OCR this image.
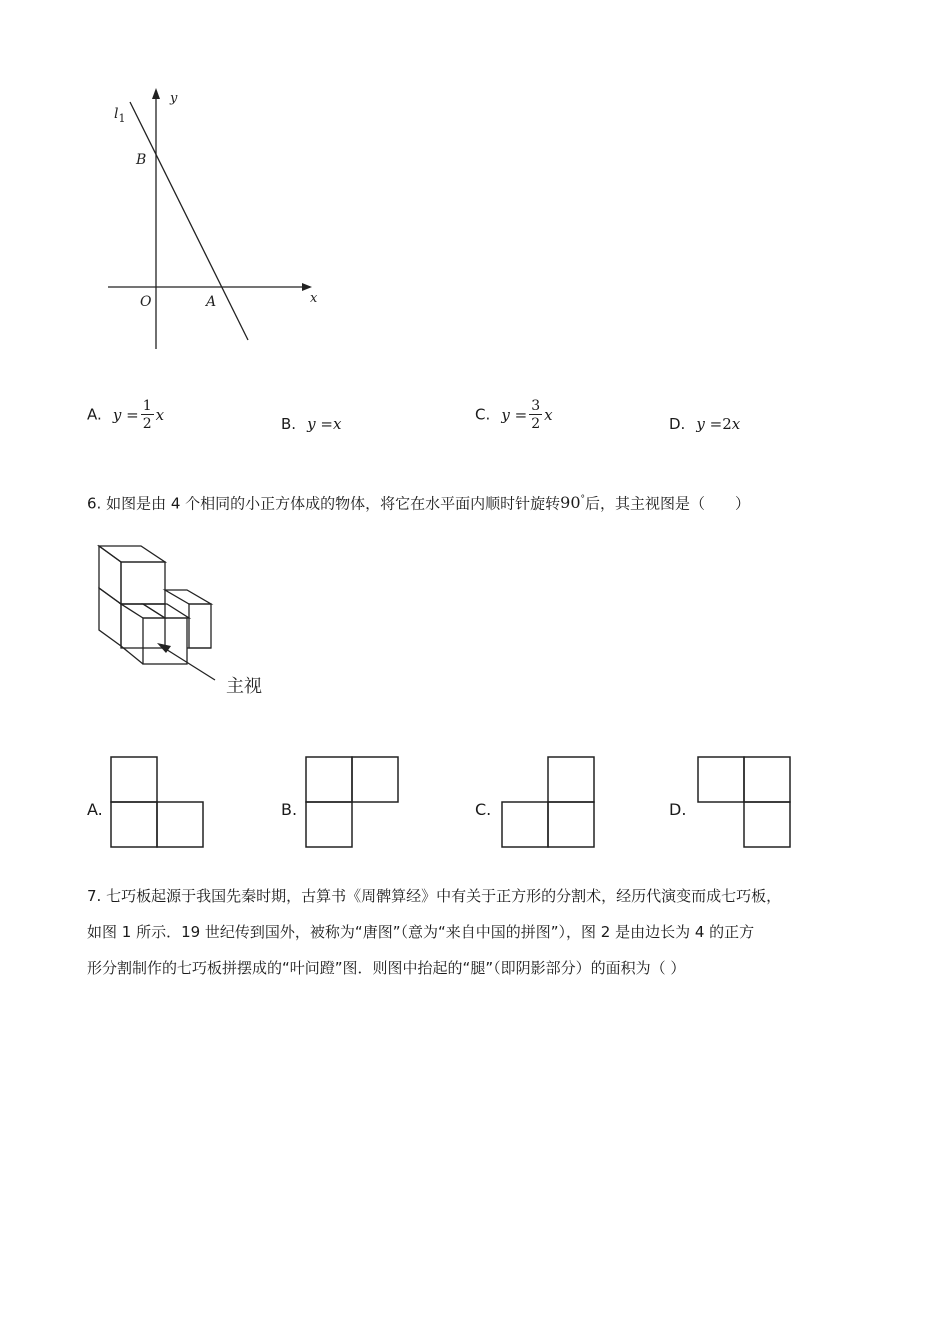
$l_1$
y
x
O	A
B
A. $y = \frac{1}{2}$ x
B. y =x
C. $y = \frac{3}{2}$ x
D. y =2x
6. 如图是由 4 个相同的小正方体成的物体，将它在水平面内顺时针旋转90°后，其主视图是（　　）
主视
A.	B.	C.	D.
7. 七巧板起源于我国先秦时期，古算书《周髀算经》中有关于正方形的分割术，经历代演变而成七巧板，
如图 1 所示．19 世纪传到国外，被称为“唐图”（意为“来自中国的拼图”），图 2 是由边长为 4 的正方
形分割制作的七巧板拼摆成的“叶问蹬”图．则图中抬起的“腿”（即阴影部分）的面积为（ ）
